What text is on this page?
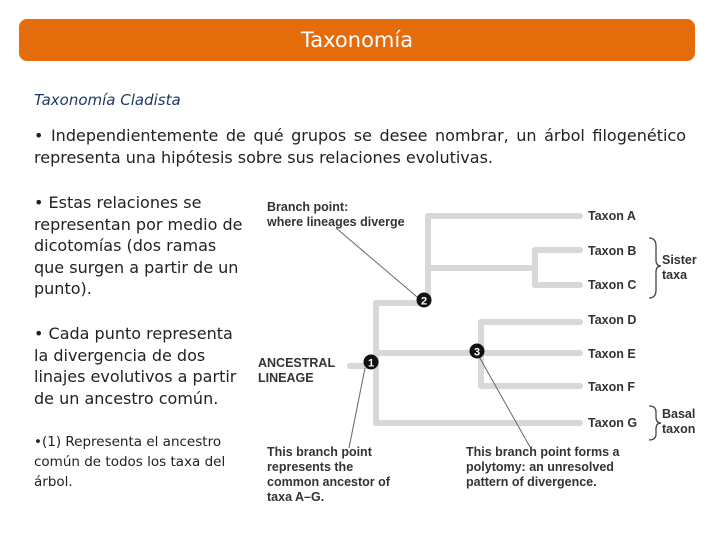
Taxonomía
Taxonomía Cladista
• Independientemente de qué grupos se desee nombrar, un árbol filogenético representa una hipótesis sobre sus relaciones evolutivas.
• Estas relaciones se representan por medio de dicotomías (dos ramas que surgen a partir de un punto).
• Cada punto representa la divergencia de dos linajes evolutivos a partir de un ancestro común.
•(1) Representa el ancestro común de todos los taxa del árbol.
1
2
3
Branch point: where lineages diverge
ANCESTRAL LINEAGE
Taxon A
Taxon B
Taxon C
Taxon D
Taxon E
Taxon F
Taxon G
Sister taxa
Basal taxon
This branch point represents the common ancestor of taxa A–G.
This branch point forms a polytomy: an unresolved pattern of divergence.
